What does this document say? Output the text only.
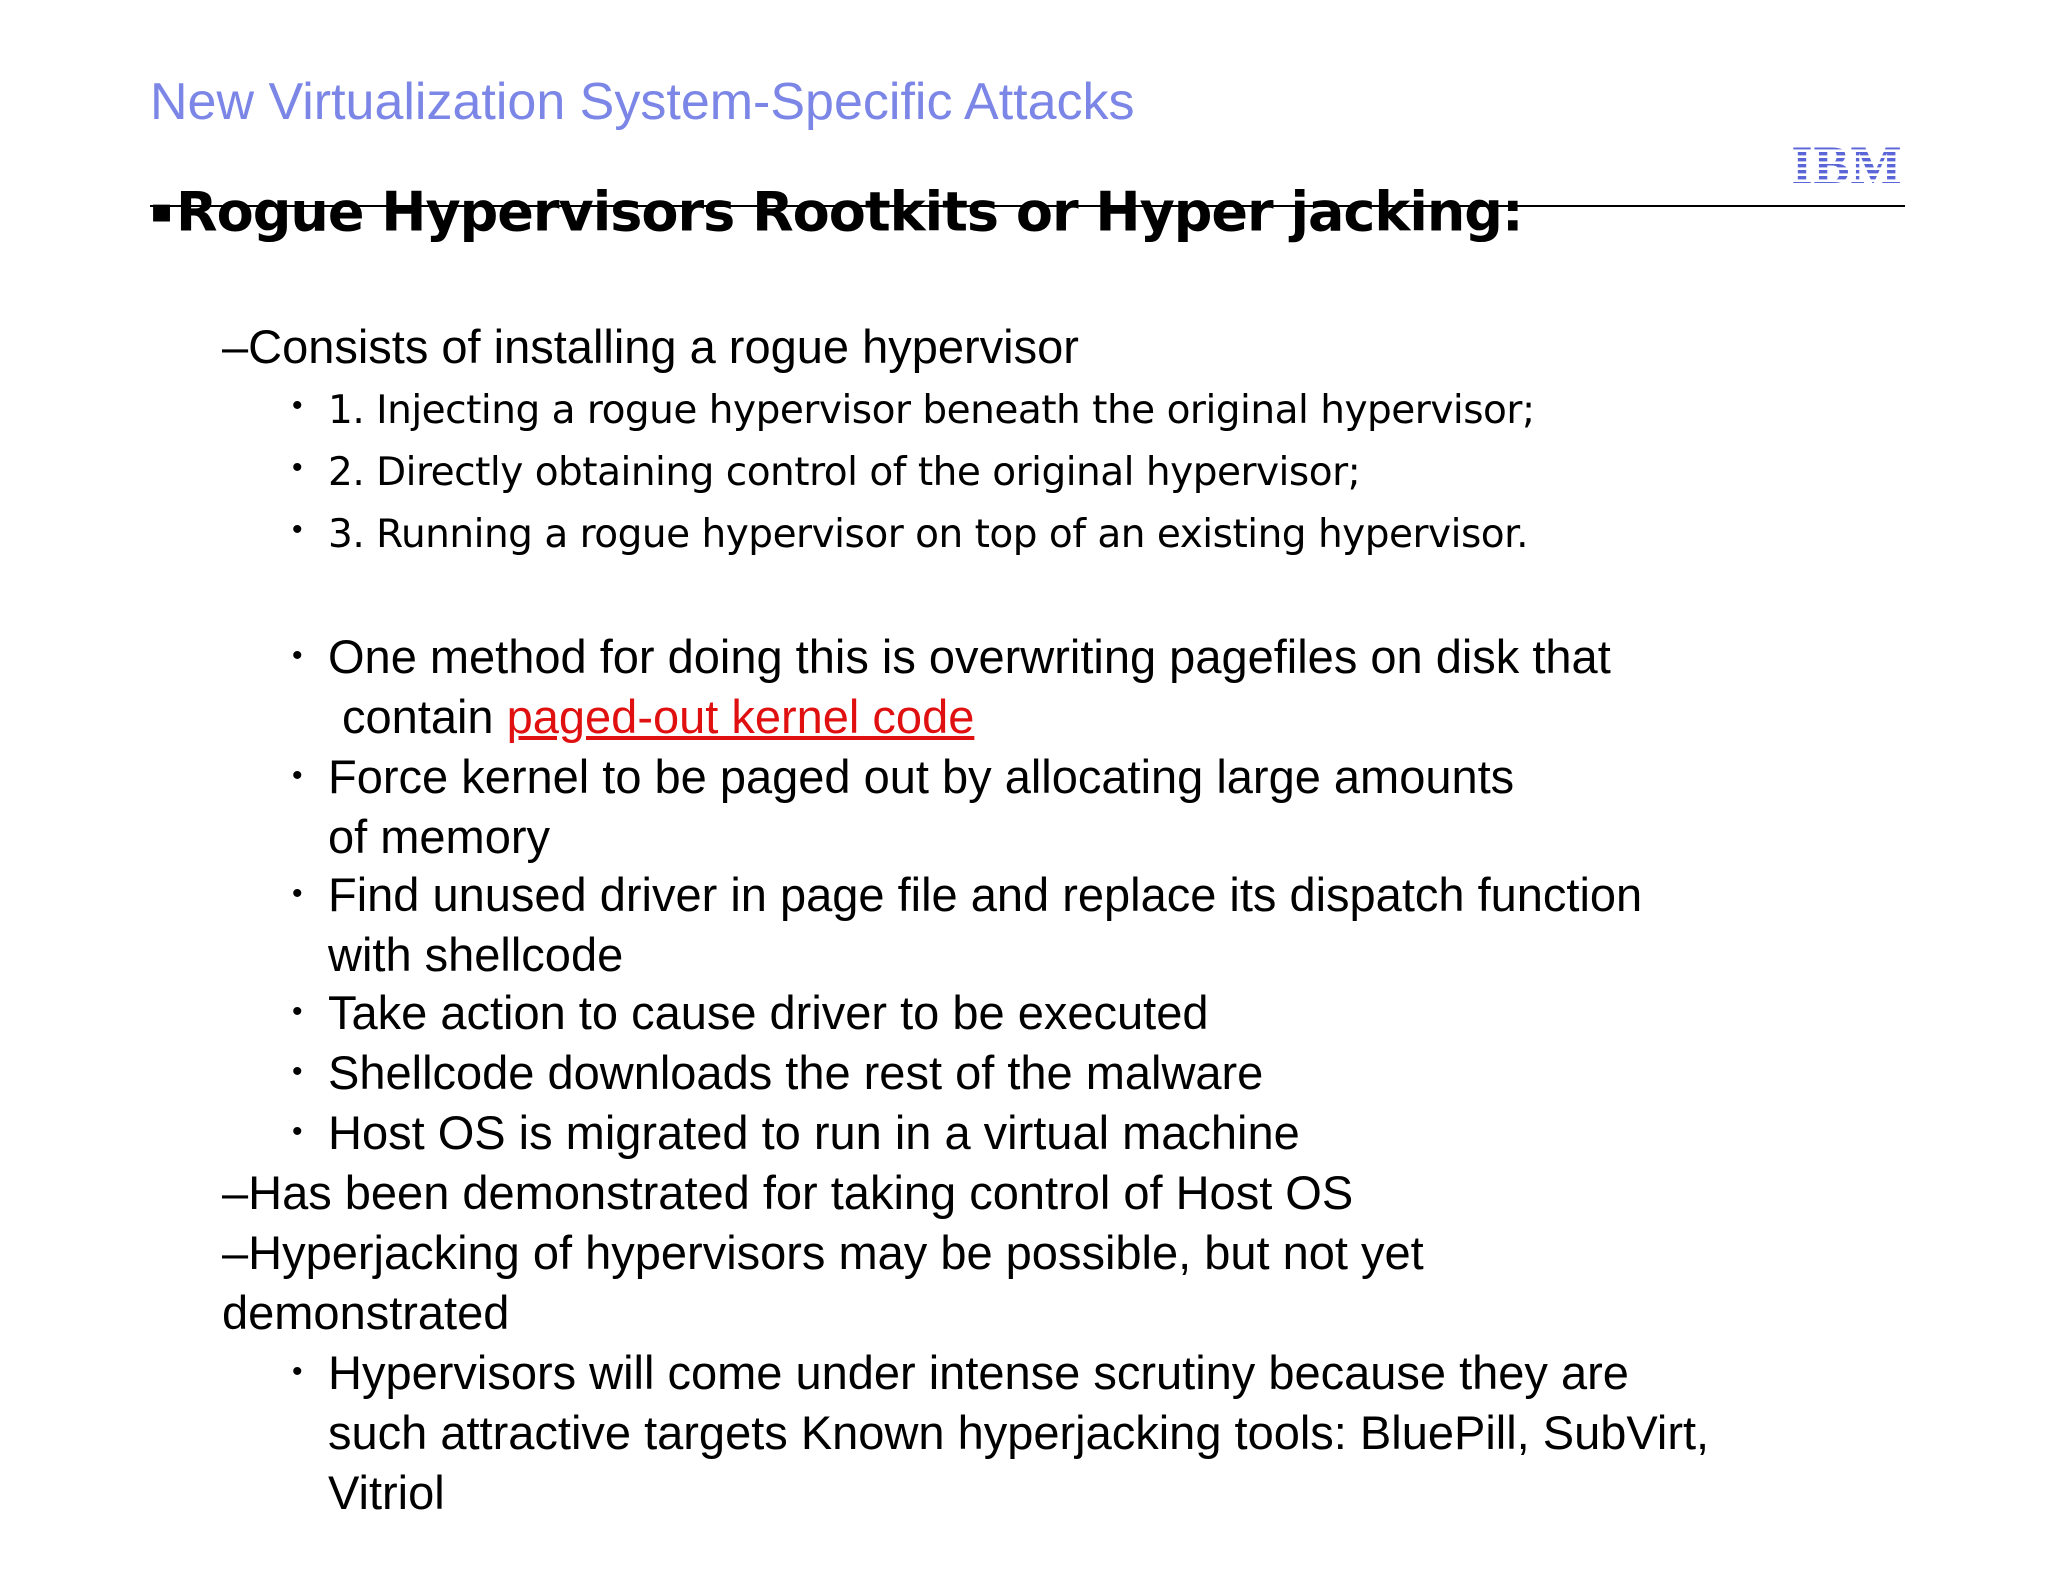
New Virtualization System-Specific Attacks
▪Rogue Hypervisors Rootkits or Hyper jacking:
–Consists of installing a rogue hypervisor
• 1. Injecting a rogue hypervisor beneath the original hypervisor;
• 2. Directly obtaining control of the original hypervisor;
• 3. Running a rogue hypervisor on top of an existing hypervisor.
• One method for doing this is overwriting pagefiles on disk that
contain paged-out kernel code
• Force kernel to be paged out by allocating large amounts
of memory
• Find unused driver in page file and replace its dispatch function
with shellcode
• Take action to cause driver to be executed
• Shellcode downloads the rest of the malware
• Host OS is migrated to run in a virtual machine
–Has been demonstrated for taking control of Host OS
–Hyperjacking of hypervisors may be possible, but not yet
demonstrated
• Hypervisors will come under intense scrutiny because they are
such attractive targets Known hyperjacking tools: BluePill, SubVirt,
Vitriol
